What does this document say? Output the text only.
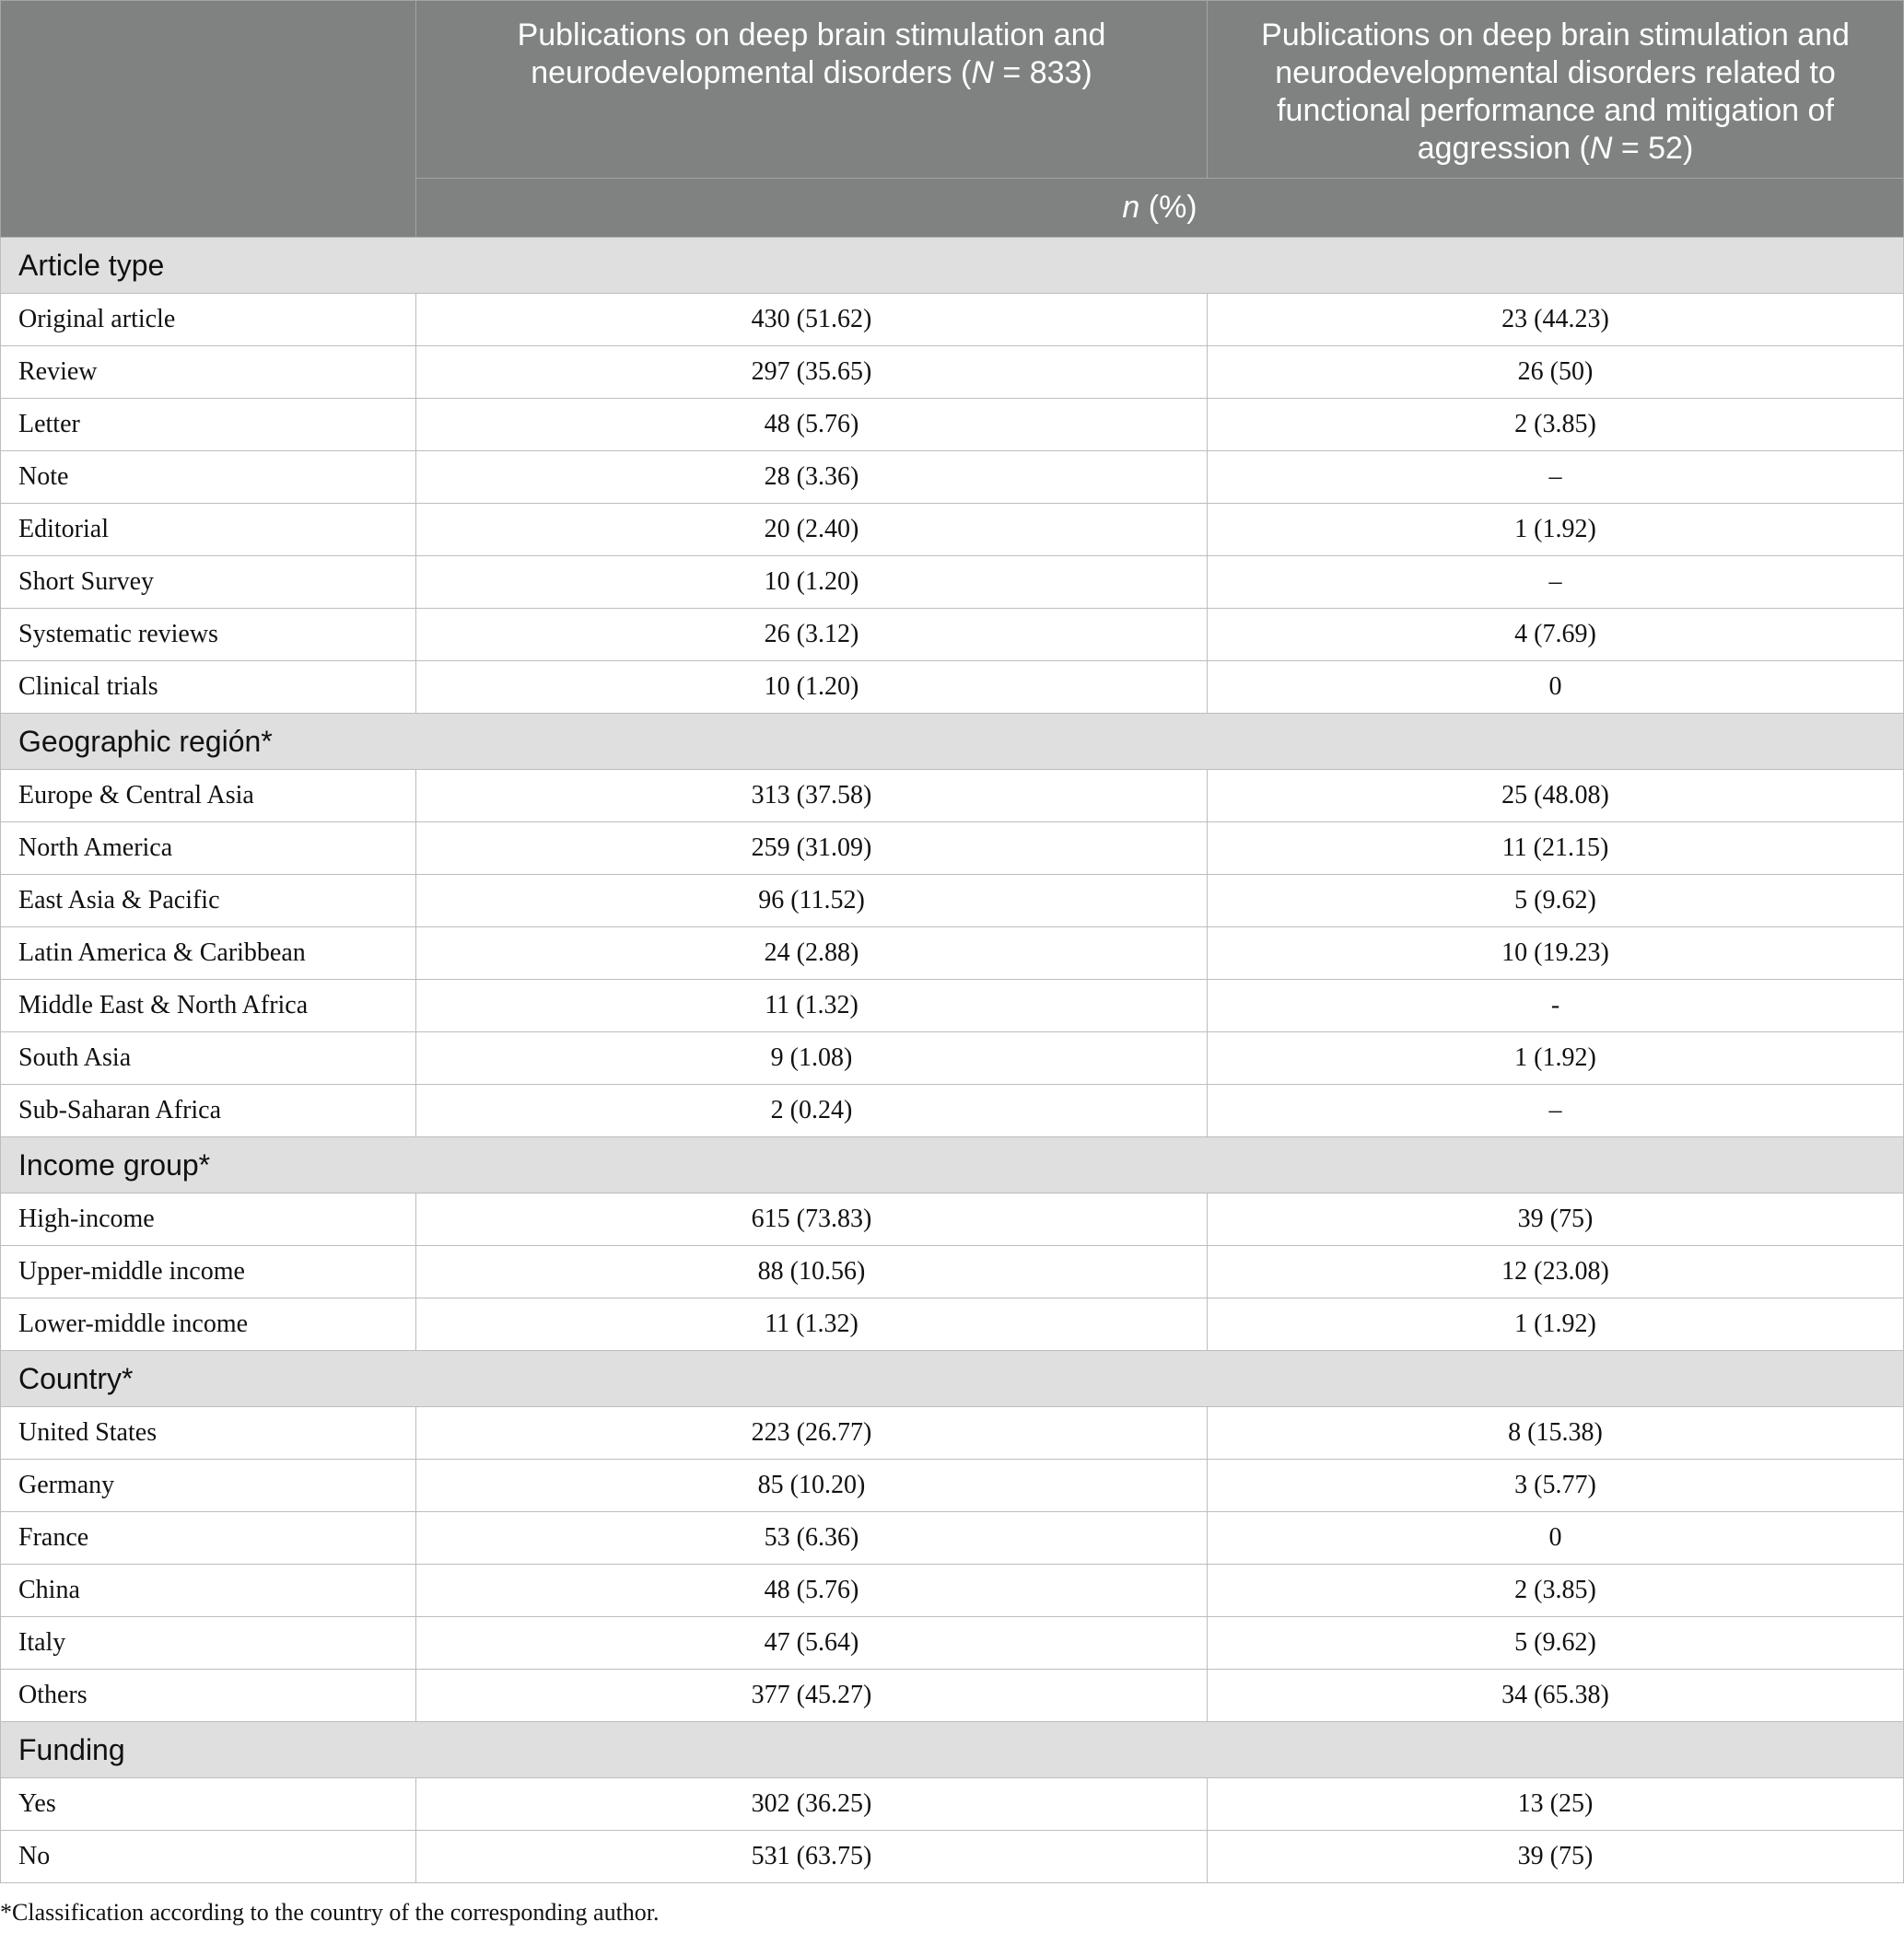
	Publications on deep brain stimulation and neurodevelopmental disorders (N = 833)	Publications on deep brain stimulation and neurodevelopmental disorders related to functional performance and mitigation of aggression (N = 52)

	n (%)	
Article type		
Original article	430 (51.62)	23 (44.23)
Review	297 (35.65)	26 (50)
Letter	48 (5.76)	2 (3.85)
Note	28 (3.36)	–
Editorial	20 (2.40)	1 (1.92)
Short Survey	10 (1.20)	–
Systematic reviews	26 (3.12)	4 (7.69)
Clinical trials	10 (1.20)	0
Geographic región*		
Europe & Central Asia	313 (37.58)	25 (48.08)
North America	259 (31.09)	11 (21.15)
East Asia & Pacific	96 (11.52)	5 (9.62)
Latin America & Caribbean	24 (2.88)	10 (19.23)
Middle East & North Africa	11 (1.32)	-
South Asia	9 (1.08)	1 (1.92)
Sub-Saharan Africa	2 (0.24)	–
Income group*		
High-income	615 (73.83)	39 (75)
Upper-middle income	88 (10.56)	12 (23.08)
Lower-middle income	11 (1.32)	1 (1.92)
Country*		
United States	223 (26.77)	8 (15.38)
Germany	85 (10.20)	3 (5.77)
France	53 (6.36)	0
China	48 (5.76)	2 (3.85)
Italy	47 (5.64)	5 (9.62)
Others	377 (45.27)	34 (65.38)
Funding		
Yes	302 (36.25)	13 (25)
No	531 (63.75)	39 (75)
*Classification according to the country of the corresponding author.
